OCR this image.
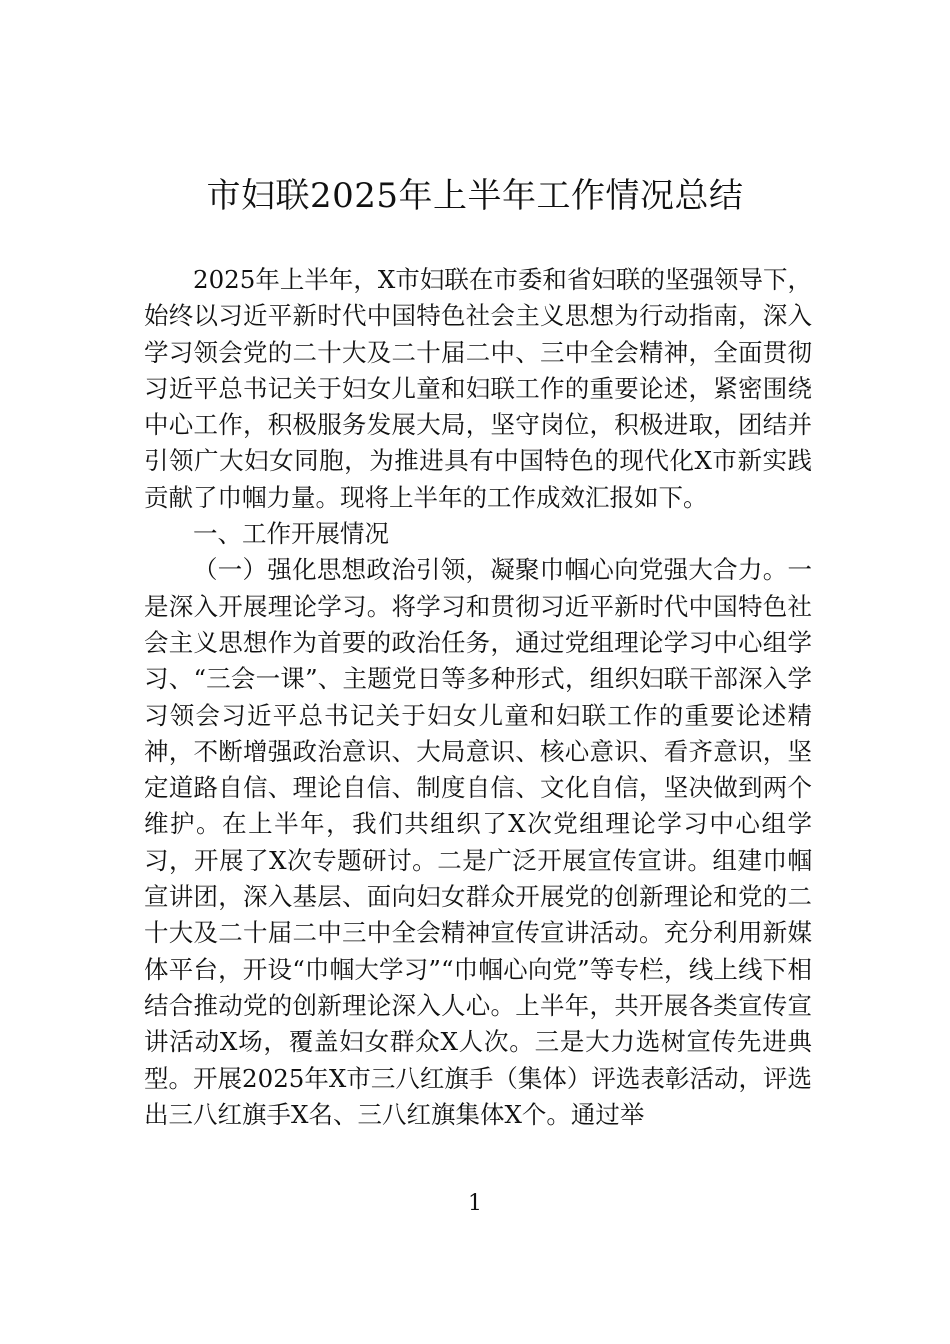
市妇联2025年上半年工作情况总结

2025年上半年，X市妇联在市委和省妇联的坚强领导下，始终以习近平新时代中国特色社会主义思想为行动指南，深入学习领会党的二十大及二十届二中、三中全会精神，全面贯彻习近平总书记关于妇女儿童和妇联工作的重要论述，紧密围绕中心工作，积极服务发展大局，坚守岗位，积极进取，团结并引领广大妇女同胞，为推进具有中国特色的现代化X市新实践贡献了巾帼力量。现将上半年的工作成效汇报如下。

一、工作开展情况

（一）强化思想政治引领，凝聚巾帼心向党强大合力。一是深入开展理论学习。将学习和贯彻习近平新时代中国特色社会主义思想作为首要的政治任务，通过党组理论学习中心组学习、“三会一课”、主题党日等多种形式，组织妇联干部深入学习领会习近平总书记关于妇女儿童和妇联工作的重要论述精神，不断增强政治意识、大局意识、核心意识、看齐意识，坚定道路自信、理论自信、制度自信、文化自信，坚决做到两个维护。在上半年，我们共组织了X次党组理论学习中心组学习，开展了X次专题研讨。二是广泛开展宣传宣讲。组建巾帼宣讲团，深入基层、面向妇女群众开展党的创新理论和党的二十大及二十届二中三中全会精神宣传宣讲活动。充分利用新媒体平台，开设“巾帼大学习”“巾帼心向党”等专栏，线上线下相结合推动党的创新理论深入人心。上半年，共开展各类宣传宣讲活动X场，覆盖妇女群众X人次。三是大力选树宣传先进典型。开展2025年X市三八红旗手（集体）评选表彰活动，评选出三八红旗手X名、三八红旗集体X个。通过举

1
